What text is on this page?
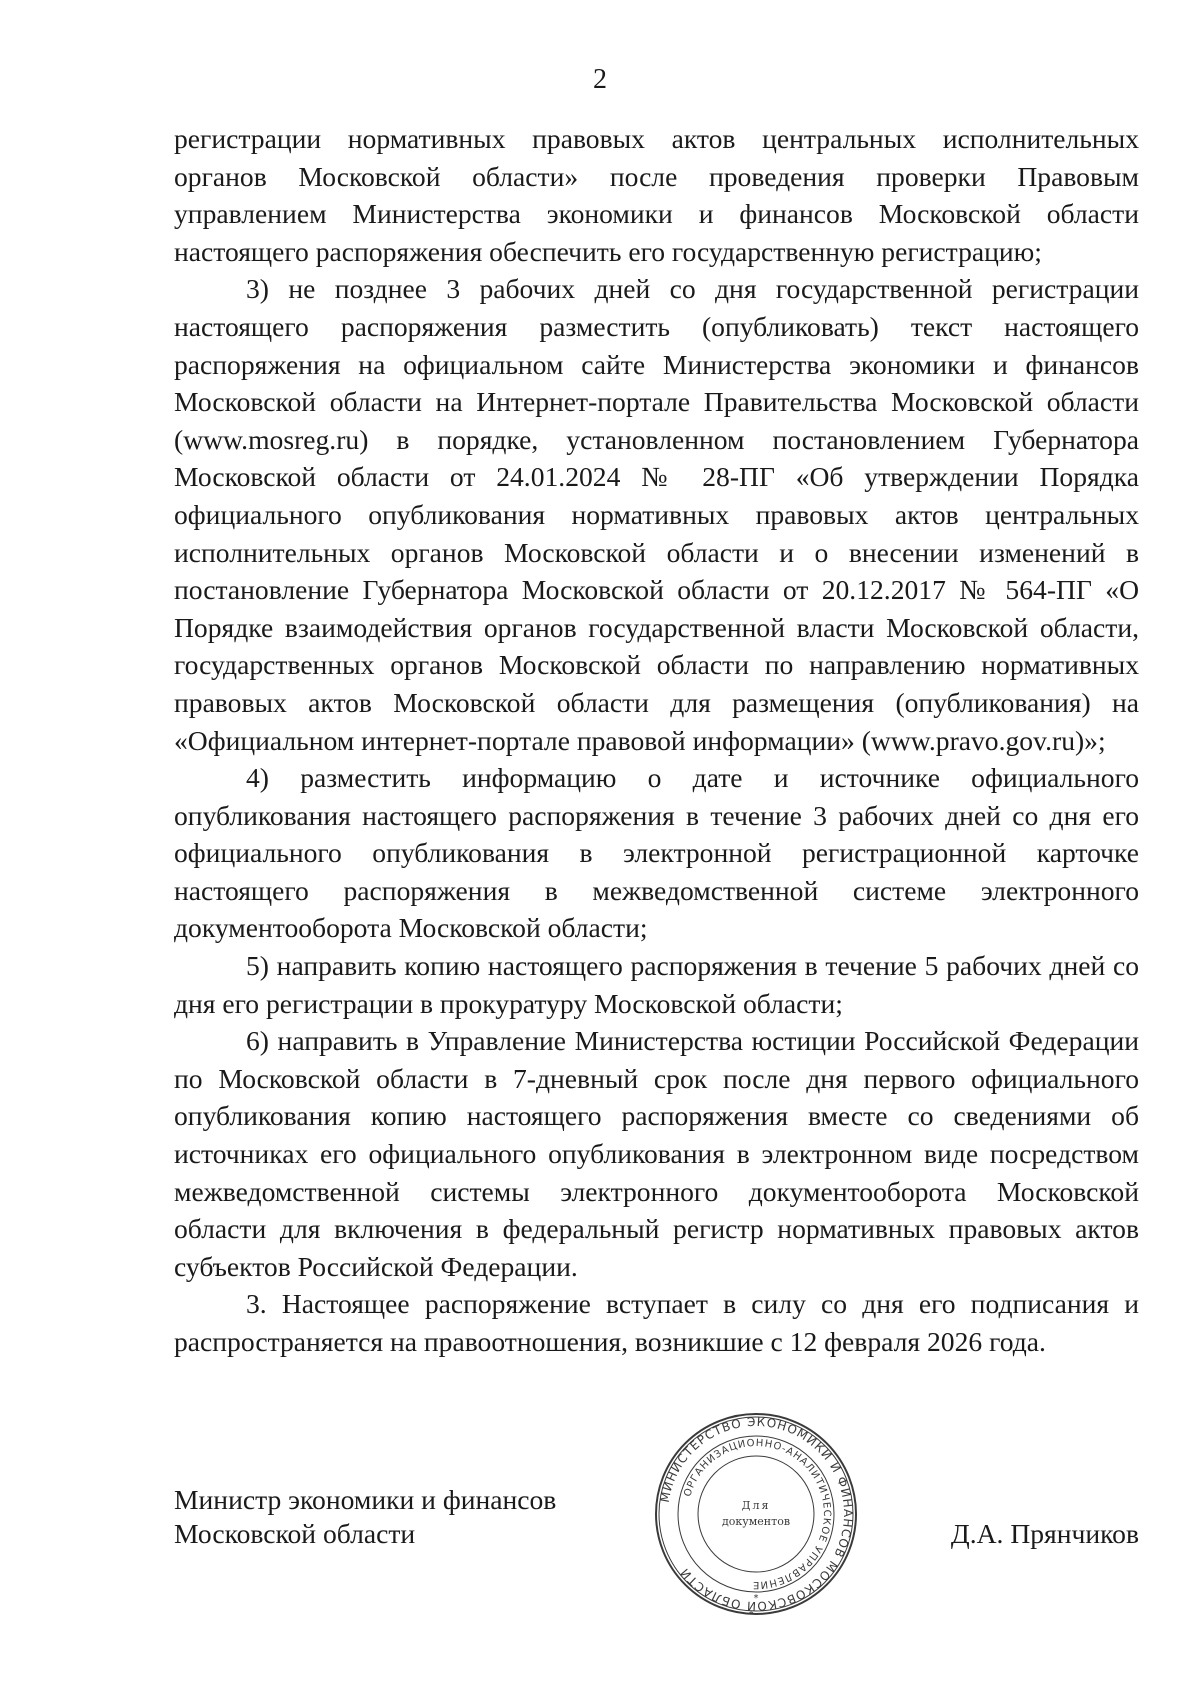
2

регистрации нормативных правовых актов центральных исполнительных органов Московской области» после проведения проверки Правовым управлением Министерства экономики и финансов Московской области настоящего распоряжения обеспечить его государственную регистрацию;

3) не позднее 3 рабочих дней со дня государственной регистрации настоящего распоряжения разместить (опубликовать) текст настоящего распоряжения на официальном сайте Министерства экономики и финансов Московской области на Интернет-портале Правительства Московской области (www.mosreg.ru) в порядке, установленном постановлением Губернатора Московской области от 24.01.2024 № 28-ПГ «Об утверждении Порядка официального опубликования нормативных правовых актов центральных исполнительных органов Московской области и о внесении изменений в постановление Губернатора Московской области от 20.12.2017 № 564-ПГ «О Порядке взаимодействия органов государственной власти Московской области, государственных органов Московской области по направлению нормативных правовых актов Московской области для размещения (опубликования) на «Официальном интернет-портале правовой информации» (www.pravo.gov.ru)»;

4) разместить информацию о дате и источнике официального опубликования настоящего распоряжения в течение 3 рабочих дней со дня его официального опубликования в электронной регистрационной карточке настоящего распоряжения в межведомственной системе электронного документооборота Московской области;

5) направить копию настоящего распоряжения в течение 5 рабочих дней со дня его регистрации в прокуратуру Московской области;

6) направить в Управление Министерства юстиции Российской Федерации по Московской области в 7-дневный срок после дня первого официального опубликования копию настоящего распоряжения вместе со сведениями об источниках его официального опубликования в электронном виде посредством межведомственной системы электронного документооборота Московской области для включения в федеральный регистр нормативных правовых актов субъектов Российской Федерации.

3. Настоящее распоряжение вступает в силу со дня его подписания и распространяется на правоотношения, возникшие с 12 февраля 2026 года.

Министр экономики и финансов
Московской области
МИНИСТЕРСТВО ЭКОНОМИКИ И ФИНАНСОВ МОСКОВСКОЙ ОБЛАСТИ
ОРГАНИЗАЦИОННО-АНАЛИТИЧЕСКОЕ УПРАВЛЕНИЕ
Для
документов
*
Д.А. Прянчиков
